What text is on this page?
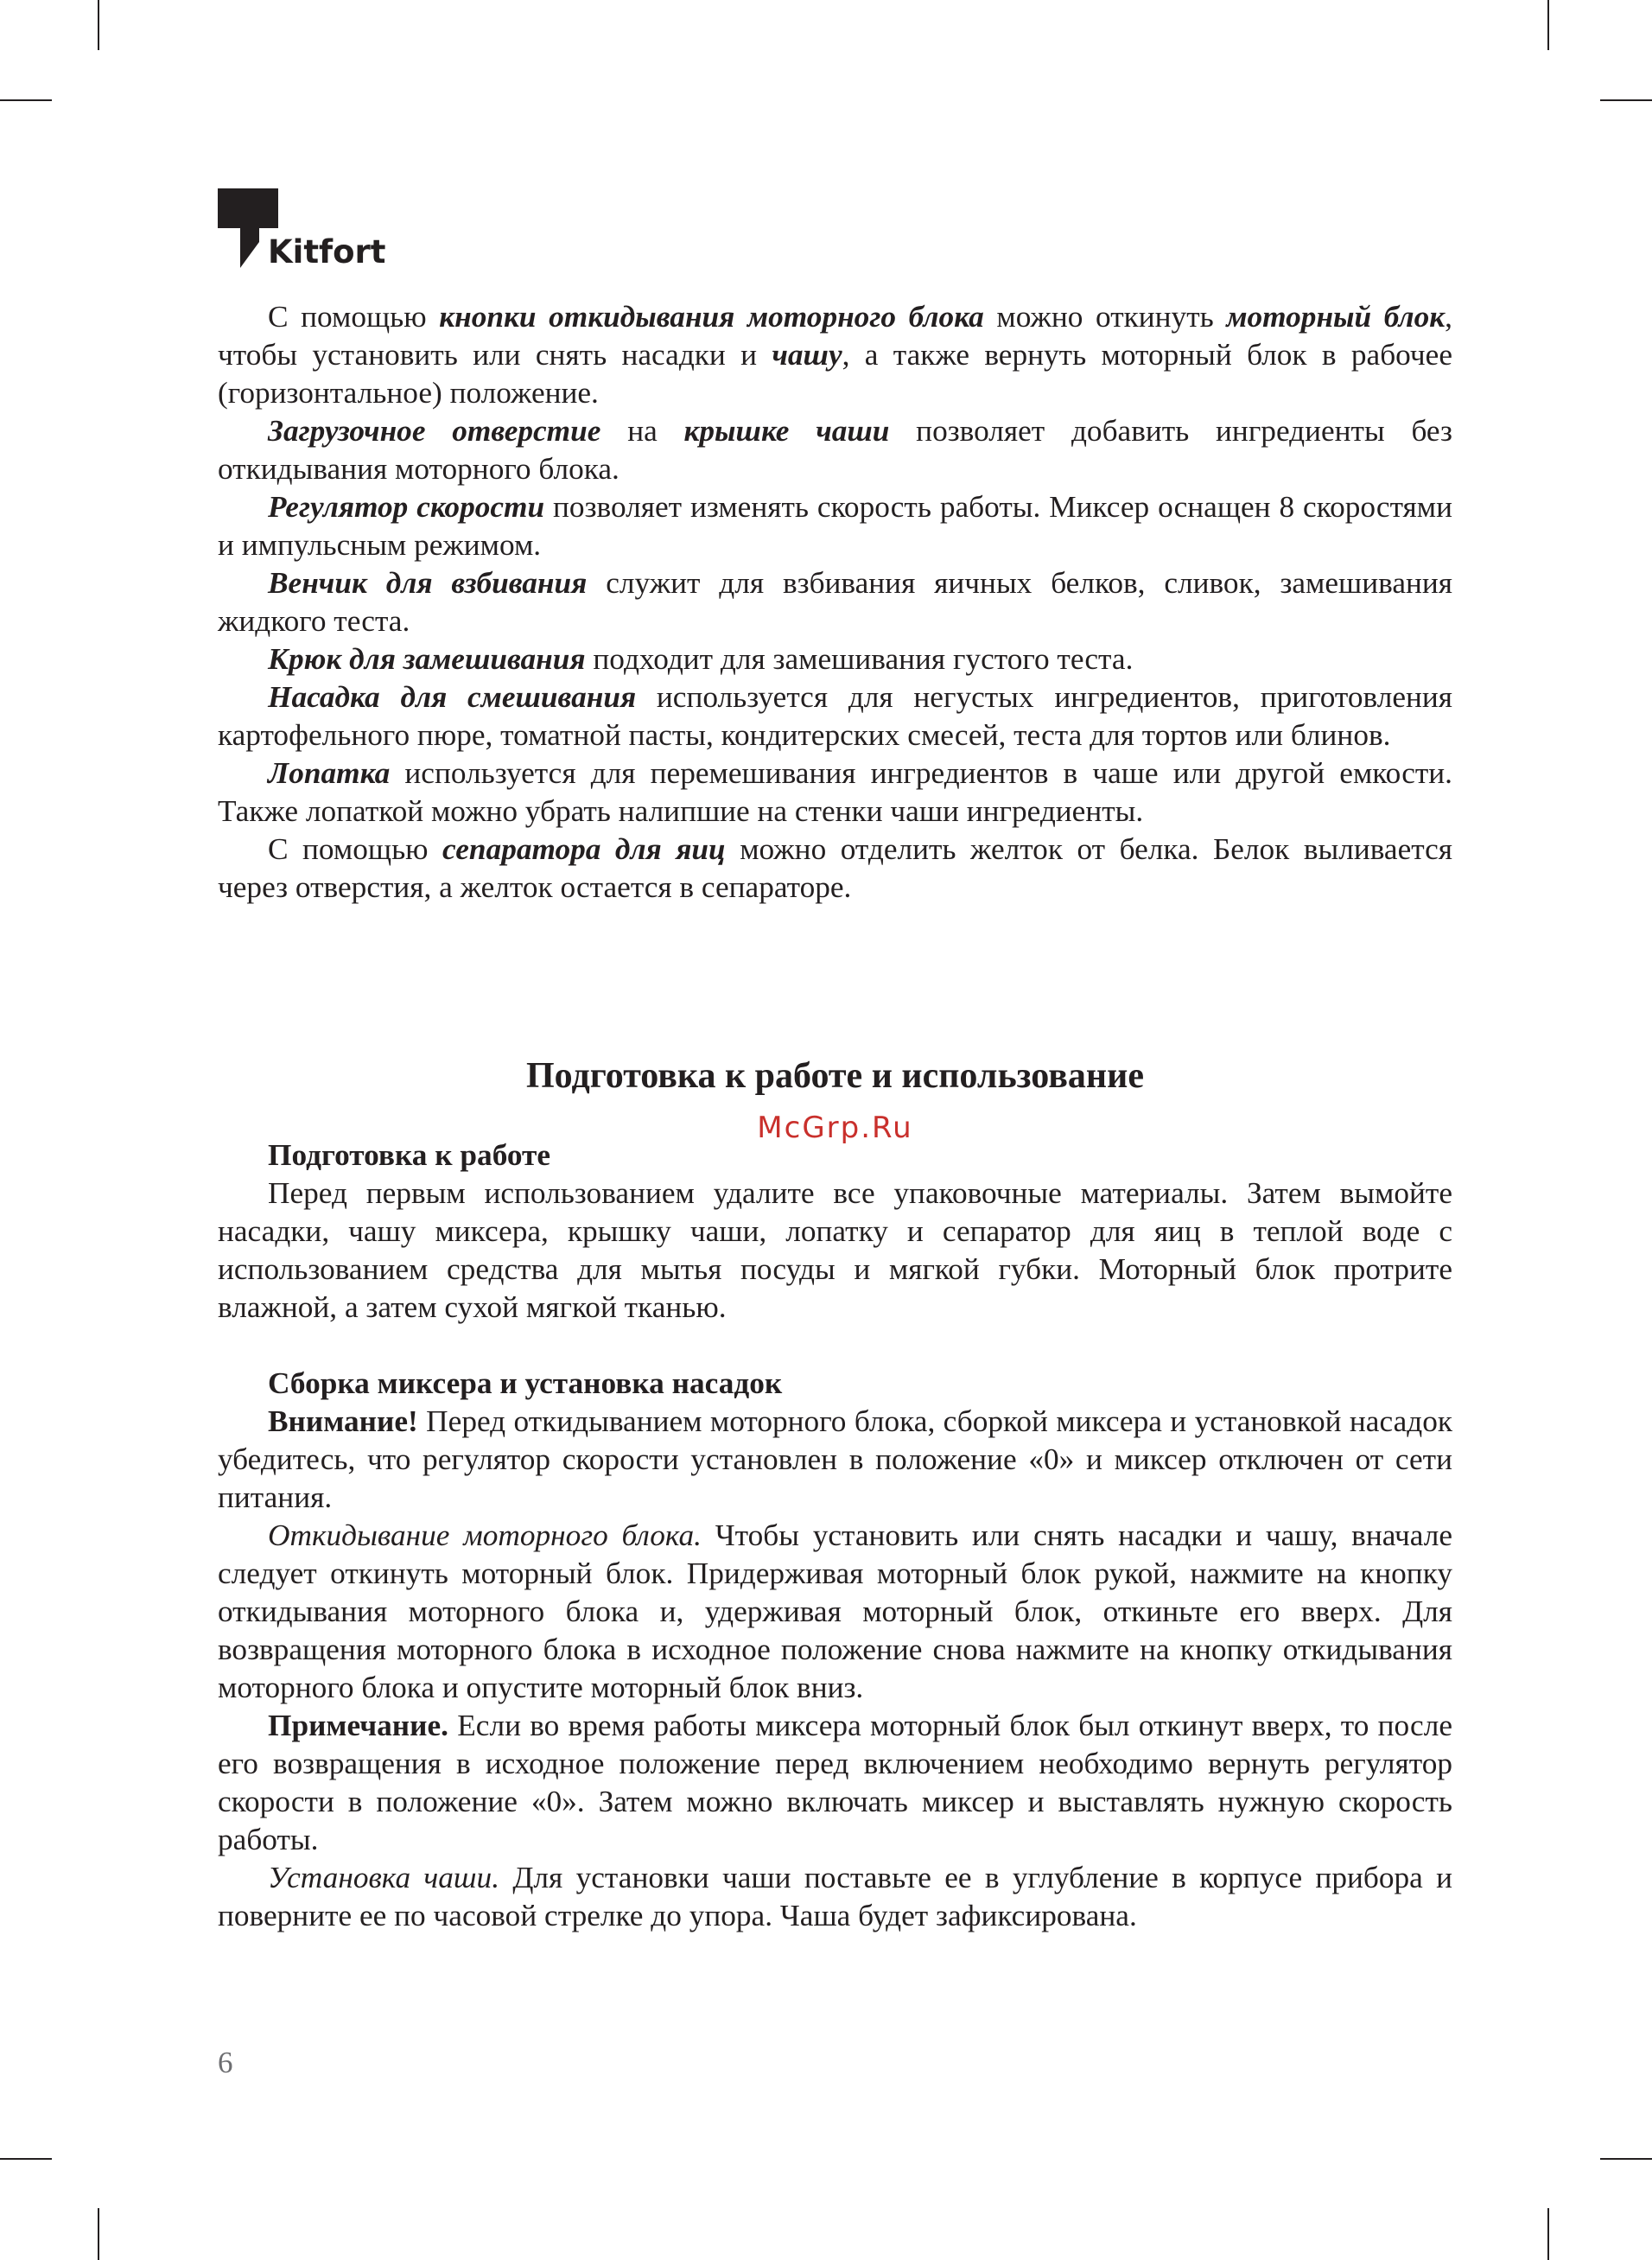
Kitfort

С помощью кнопки откидывания моторного блока можно откинуть моторный блок, чтобы установить или снять насадки и чашу, а также вернуть моторный блок в рабочее (горизонтальное) положение.

Загрузочное отверстие на крышке чаши позволяет добавить ингредиенты без откидывания моторного блока.

Регулятор скорости позволяет изменять скорость работы. Миксер оснащен 8 скоростями и импульсным режимом.

Венчик для взбивания служит для взбивания яичных белков, сливок, замешивания жидкого теста.

Крюк для замешивания подходит для замешивания густого теста.

Насадка для смешивания используется для негустых ингредиентов, приготовления картофельного пюре, томатной пасты, кондитерских смесей, теста для тортов или блинов.

Лопатка используется для перемешивания ингредиентов в чаше или другой емкости. Также лопаткой можно убрать налипшие на стенки чаши ингредиенты.

С помощью сепаратора для яиц можно отделить желток от белка. Белок выливается через отверстия, а желток остается в сепараторе.

Подготовка к работе и использование
McGrp.Ru
Подготовка к работе

Перед первым использованием удалите все упаковочные материалы. Затем вымойте насадки, чашу миксера, крышку чаши, лопатку и сепаратор для яиц в теплой воде с использованием средства для мытья посуды и мягкой губки. Моторный блок протрите влажной, а затем сухой мягкой тканью.

Сборка миксера и установка насадок

Внимание! Перед откидыванием моторного блока, сборкой миксера и установкой насадок убедитесь, что регулятор скорости установлен в положение «0» и миксер отключен от сети питания.

Откидывание моторного блока. Чтобы установить или снять насадки и чашу, вначале следует откинуть моторный блок. Придерживая моторный блок рукой, нажмите на кнопку откидывания моторного блока и, удерживая моторный блок, откиньте его вверх. Для возвращения моторного блока в исходное положение снова нажмите на кнопку откидывания моторного блока и опустите моторный блок вниз.

Примечание. Если во время работы миксера моторный блок был откинут вверх, то после его возвращения в исходное положение перед включением необходимо вернуть регулятор скорости в положение «0». Затем можно включать миксер и выставлять нужную скорость работы.

Установка чаши. Для установки чаши поставьте ее в углубление в корпусе прибора и поверните ее по часовой стрелке до упора. Чаша будет зафиксирована.

6
